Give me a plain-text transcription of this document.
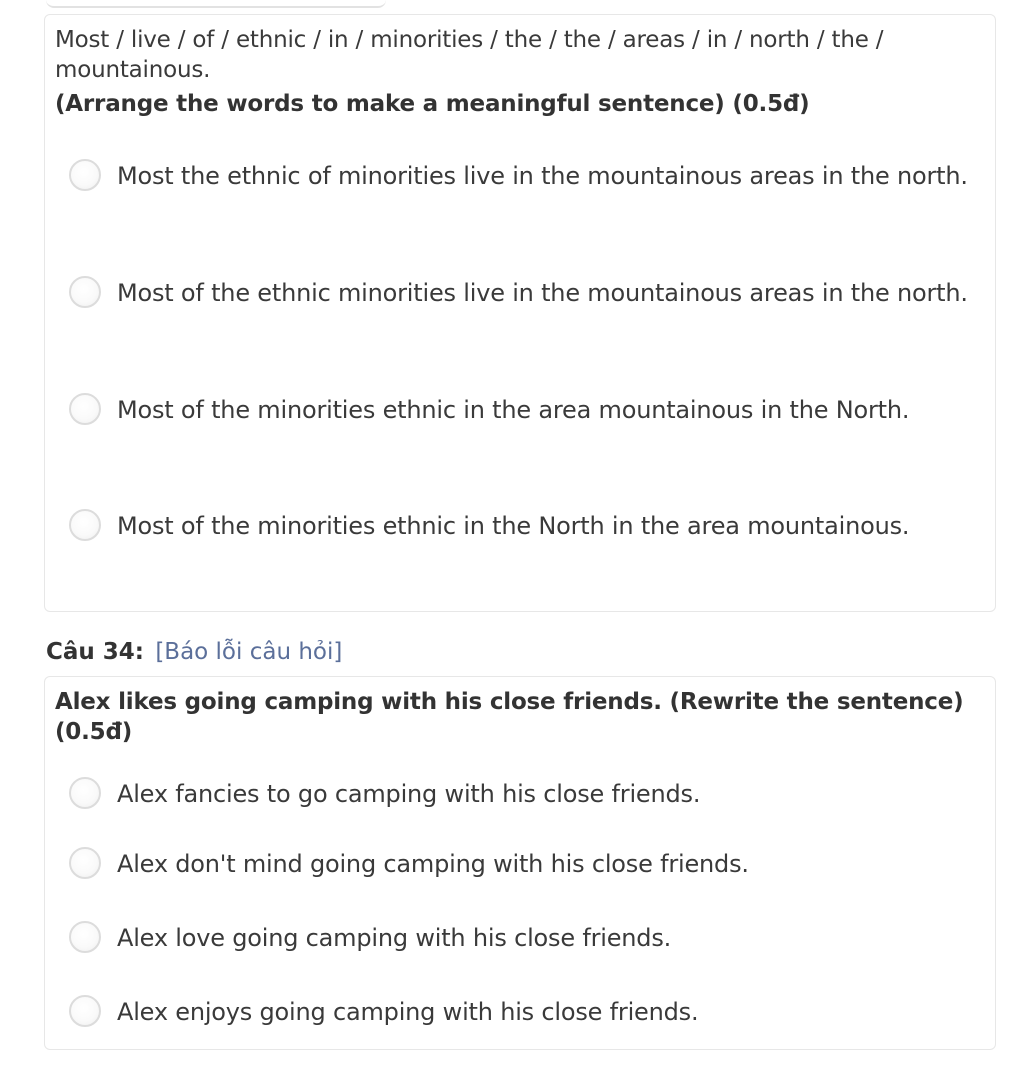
Most / live / of / ethnic / in / minorities / the / the / areas / in / north / the / mountainous.
(Arrange the words to make a meaningful sentence) (0.5đ)
Most the ethnic of minorities live in the mountainous areas in the north.
Most of the ethnic minorities live in the mountainous areas in the north.
Most of the minorities ethnic in the area mountainous in the North.
Most of the minorities ethnic in the North in the area mountainous.
Câu 34: [Báo lỗi câu hỏi]
Alex likes going camping with his close friends. (Rewrite the sentence) (0.5đ)
Alex fancies to go camping with his close friends.
Alex don't mind going camping with his close friends.
Alex love going camping with his close friends.
Alex enjoys going camping with his close friends.
